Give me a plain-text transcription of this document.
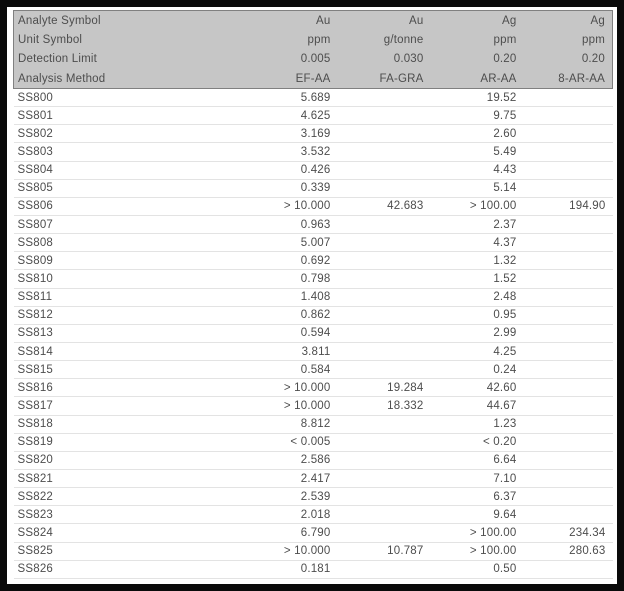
Analyte Symbol	Au	Au	Ag	Ag
Unit Symbol	ppm	g/tonne	ppm	ppm
Detection Limit	0.005	0.030	0.20	0.20
Analysis Method	EF-AA	FA-GRA	AR-AA	8-AR-AA
SS800	5.689		19.52	
SS801	4.625		9.75	
SS802	3.169		2.60	
SS803	3.532		5.49	
SS804	0.426		4.43	
SS805	0.339		5.14	
SS806	> 10.000	42.683	> 100.00	194.90
SS807	0.963		2.37	
SS808	5.007		4.37	
SS809	0.692		1.32	
SS810	0.798		1.52	
SS811	1.408		2.48	
SS812	0.862		0.95	
SS813	0.594		2.99	
SS814	3.811		4.25	
SS815	0.584		0.24	
SS816	> 10.000	19.284	42.60	
SS817	> 10.000	18.332	44.67	
SS818	8.812		1.23	
SS819	< 0.005		< 0.20	
SS820	2.586		6.64	
SS821	2.417		7.10	
SS822	2.539		6.37	
SS823	2.018		9.64	
SS824	6.790		> 100.00	234.34
SS825	> 10.000	10.787	> 100.00	280.63
SS826	0.181		0.50	
